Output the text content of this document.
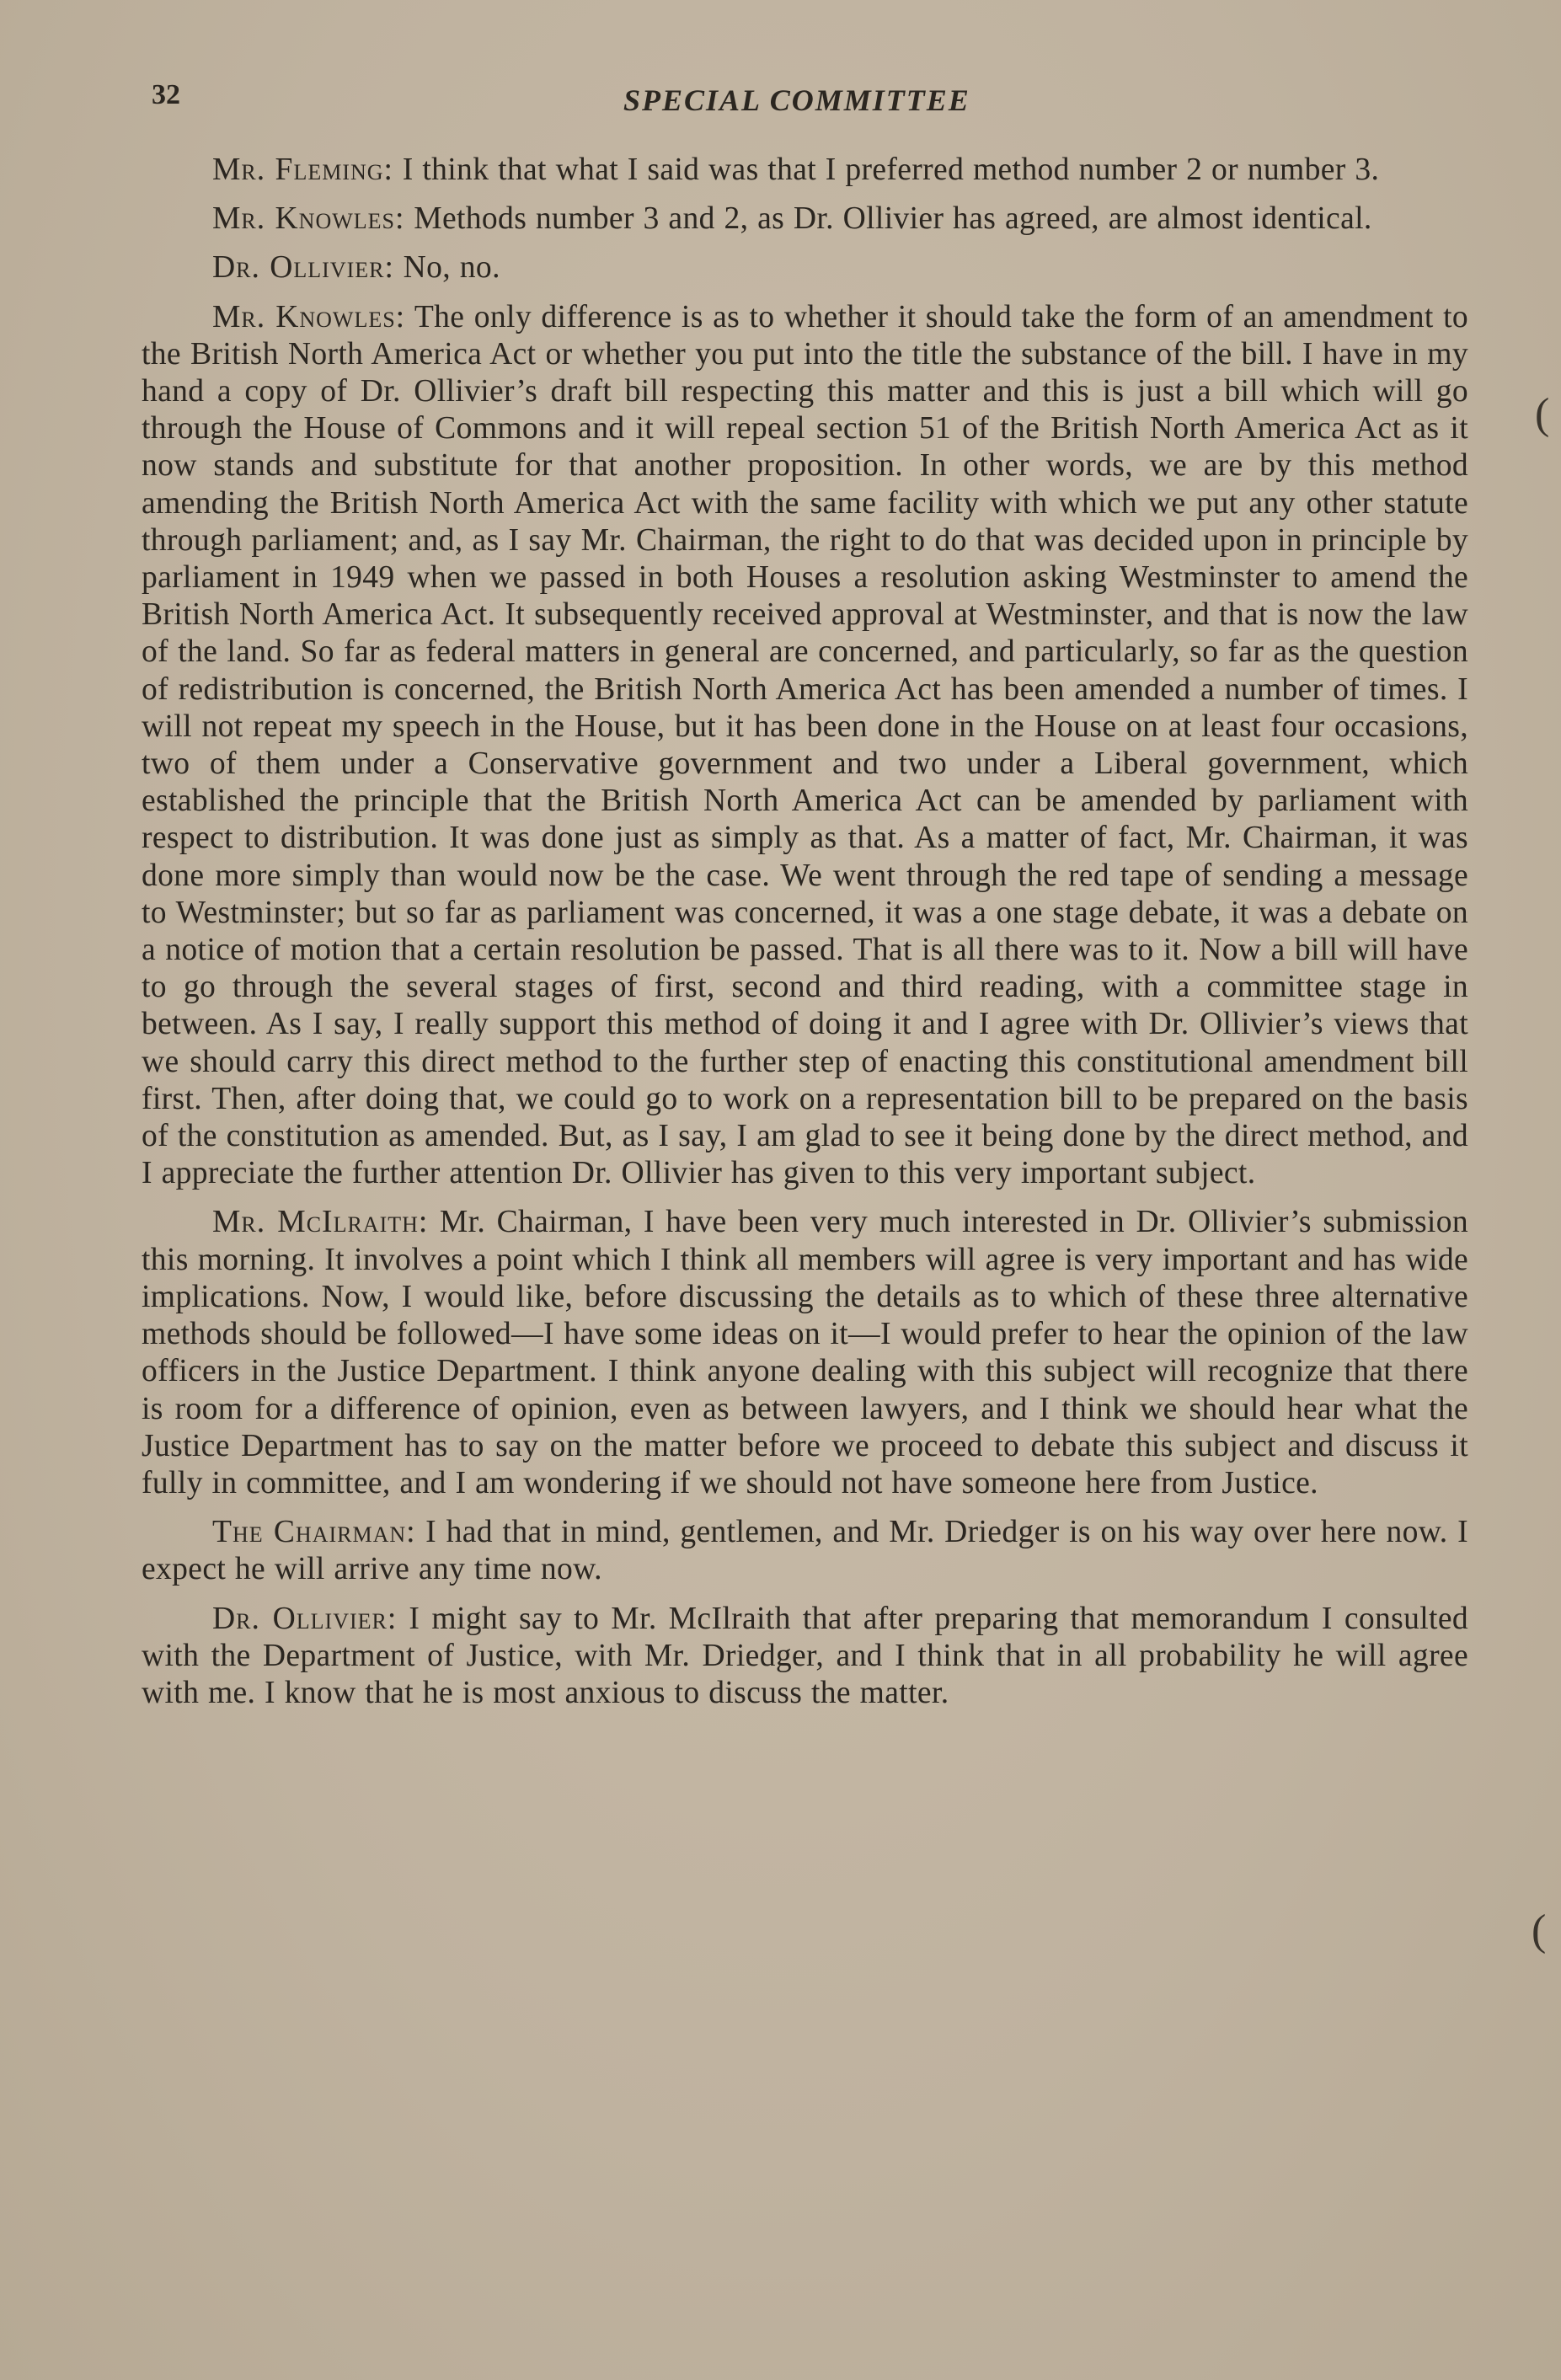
32	SPECIAL COMMITTEE

Mr. Fleming: I think that what I said was that I preferred method number 2 or number 3.

Mr. Knowles: Methods number 3 and 2, as Dr. Ollivier has agreed, are almost identical.

Dr. Ollivier: No, no.

Mr. Knowles: The only difference is as to whether it should take the form of an amendment to the British North America Act or whether you put into the title the substance of the bill. I have in my hand a copy of Dr. Ollivier’s draft bill respecting this matter and this is just a bill which will go through the House of Commons and it will repeal section 51 of the British North America Act as it now stands and substitute for that another proposition. In other words, we are by this method amending the British North America Act with the same facility with which we put any other statute through parliament; and, as I say Mr. Chairman, the right to do that was decided upon in principle by parliament in 1949 when we passed in both Houses a resolution asking Westminster to amend the British North America Act. It subsequently received approval at Westminster, and that is now the law of the land. So far as federal matters in general are concerned, and particularly, so far as the question of redistribution is concerned, the British North America Act has been amended a number of times. I will not repeat my speech in the House, but it has been done in the House on at least four occasions, two of them under a Conservative government and two under a Liberal government, which established the principle that the British North America Act can be amended by parliament with respect to distribution. It was done just as simply as that. As a matter of fact, Mr. Chairman, it was done more simply than would now be the case. We went through the red tape of sending a message to Westminster; but so far as parliament was concerned, it was a one stage debate, it was a debate on a notice of motion that a certain resolution be passed. That is all there was to it. Now a bill will have to go through the several stages of first, second and third reading, with a committee stage in between. As I say, I really support this method of doing it and I agree with Dr. Ollivier’s views that we should carry this direct method to the further step of enacting this constitutional amendment bill first. Then, after doing that, we could go to work on a representation bill to be prepared on the basis of the constitution as amended. But, as I say, I am glad to see it being done by the direct method, and I appreciate the further attention Dr. Ollivier has given to this very important subject.

Mr. McIlraith: Mr. Chairman, I have been very much interested in Dr. Ollivier’s submission this morning. It involves a point which I think all members will agree is very important and has wide implications. Now, I would like, before discussing the details as to which of these three alternative methods should be followed—I have some ideas on it—I would prefer to hear the opinion of the law officers in the Justice Department. I think anyone dealing with this subject will recognize that there is room for a difference of opinion, even as between lawyers, and I think we should hear what the Justice Department has to say on the matter before we proceed to debate this subject and discuss it fully in committee, and I am wondering if we should not have someone here from Justice.

The Chairman: I had that in mind, gentlemen, and Mr. Driedger is on his way over here now. I expect he will arrive any time now.

Dr. Ollivier: I might say to Mr. McIlraith that after preparing that memorandum I consulted with the Department of Justice, with Mr. Driedger, and I think that in all probability he will agree with me. I know that he is most anxious to discuss the matter.

(
(
